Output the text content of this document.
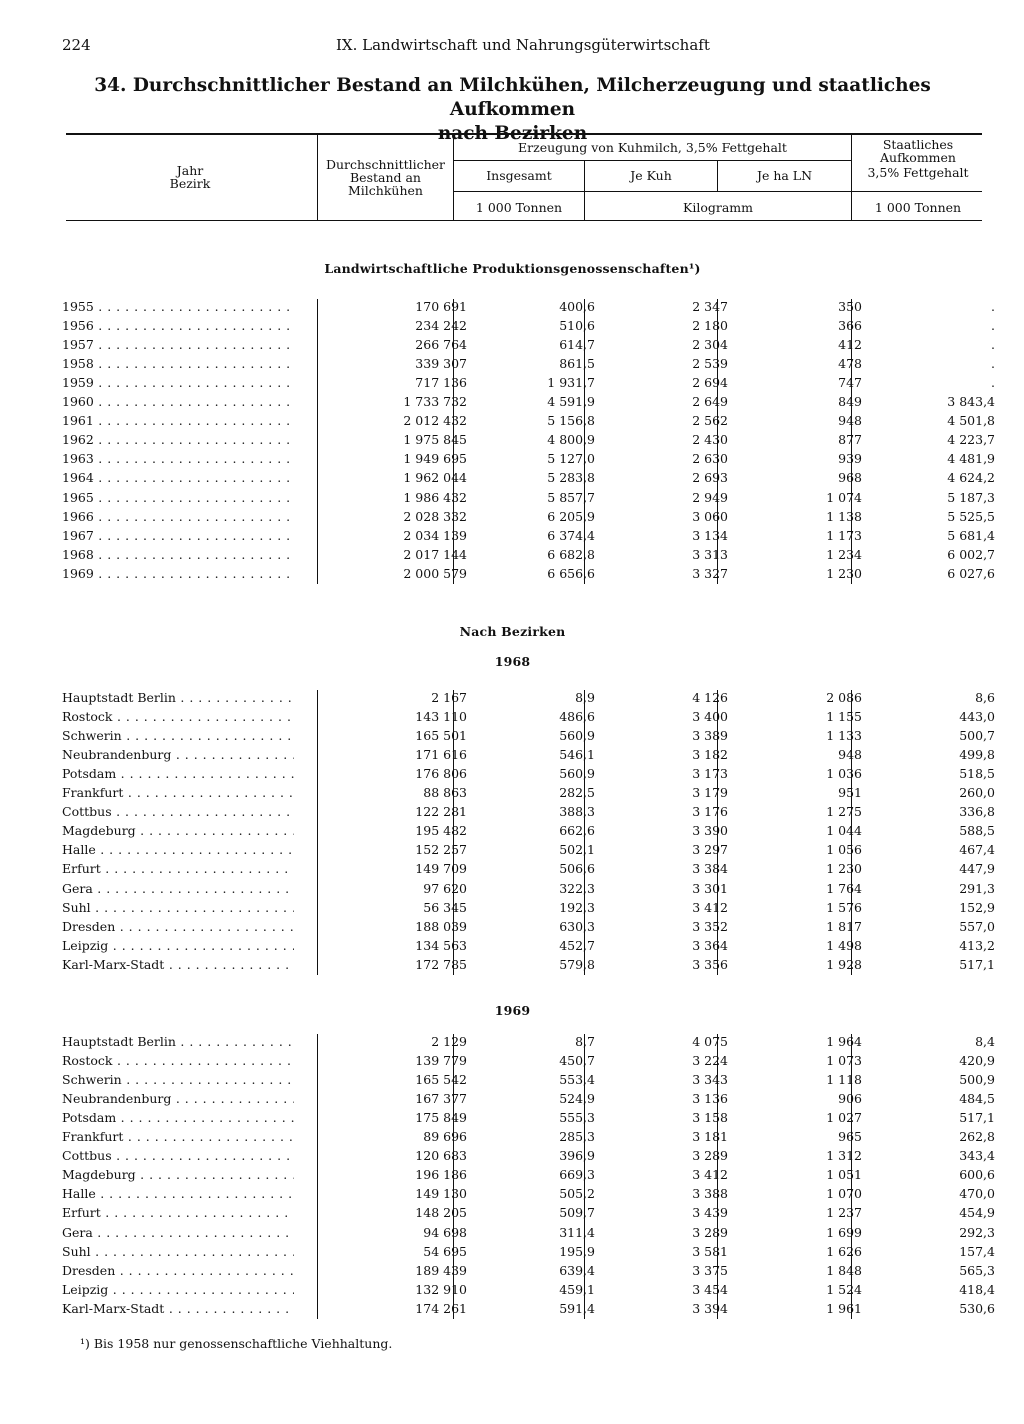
224	IX. Landwirtschaft und Nahrungsgüterwirtschaft
34. Durchschnittlicher Bestand an Milchkühen, Milcherzeugung und staatliches Aufkommen
nach Bezirken
Jahr
Bezirk
Durchschnittlicher
Bestand an
Milchkühen
Erzeugung von Kuhmilch, 3,5% Fettgehalt
Insgesamt	Je Kuh	Je ha LN
Staatliches
Aufkommen
3,5% Fettgehalt
1 000 Tonnen	Kilogramm	1 000 Tonnen
Landwirtschaftliche Produktionsgenossenschaften¹)
Nach Bezirken
1968
1969
1955 . . .	170 691	400,6	2 347	350	.
1956 . . .	234 242	510,6	2 180	366	.
1957 . . .	266 764	614,7	2 304	412	.
1958 . . .	339 307	861,5	2 539	478	.
1959 . . .	717 136	1 931,7	2 694	747	.
1960 . . .	1 733 732	4 591,9	2 649	849	3 843,4
1961 . . .	2 012 432	5 156,8	2 562	948	4 501,8
1962 . . .	1 975 845	4 800,9	2 430	877	4 223,7
1963 . . .	1 949 695	5 127,0	2 630	939	4 481,9
1964 . . .	1 962 044	5 283,8	2 693	968	4 624,2
1965 . . .	1 986 432	5 857,7	2 949	1 074	5 187,3
1966 . . .	2 028 332	6 205,9	3 060	1 138	5 525,5
1967 . . .	2 034 139	6 374,4	3 134	1 173	5 681,4
1968 . . .	2 017 144	6 682,8	3 313	1 234	6 002,7
1969 . . .	2 000 579	6 656,6	3 327	1 230	6 027,6
Hauptstadt Berlin . . .	2 167	8,9	4 126	2 086	8,6
Rostock . . .	143 110	486,6	3 400	1 155	443,0
Schwerin . . .	165 501	560,9	3 389	1 133	500,7
Neubrandenburg . . .	171 616	546,1	3 182	948	499,8
Potsdam . . .	176 806	560,9	3 173	1 036	518,5
Frankfurt . . .	88 863	282,5	3 179	951	260,0
Cottbus . . .	122 281	388,3	3 176	1 275	336,8
Magdeburg . . .	195 482	662,6	3 390	1 044	588,5
Halle . . .	152 257	502,1	3 297	1 056	467,4
Erfurt . . .	149 709	506,6	3 384	1 230	447,9
Gera . . .	97 620	322,3	3 301	1 764	291,3
Suhl . . .	56 345	192,3	3 412	1 576	152,9
Dresden . . .	188 039	630,3	3 352	1 817	557,0
Leipzig . . .	134 563	452,7	3 364	1 498	413,2
Karl-Marx-Stadt . . .	172 785	579,8	3 356	1 928	517,1
Hauptstadt Berlin . . .	2 129	8,7	4 075	1 964	8,4
Rostock . . .	139 779	450,7	3 224	1 073	420,9
Schwerin . . .	165 542	553,4	3 343	1 118	500,9
Neubrandenburg . . .	167 377	524,9	3 136	906	484,5
Potsdam . . .	175 849	555,3	3 158	1 027	517,1
Frankfurt . . .	89 696	285,3	3 181	965	262,8
Cottbus . . .	120 683	396,9	3 289	1 312	343,4
Magdeburg . . .	196 186	669,3	3 412	1 051	600,6
Halle . . .	149 130	505,2	3 388	1 070	470,0
Erfurt . . .	148 205	509,7	3 439	1 237	454,9
Gera . . .	94 698	311,4	3 289	1 699	292,3
Suhl . . .	54 695	195,9	3 581	1 626	157,4
Dresden . . .	189 439	639,4	3 375	1 848	565,3
Leipzig . . .	132 910	459,1	3 454	1 524	418,4
Karl-Marx-Stadt . . .	174 261	591,4	3 394	1 961	530,6
¹) Bis 1958 nur genossenschaftliche Viehhaltung.
